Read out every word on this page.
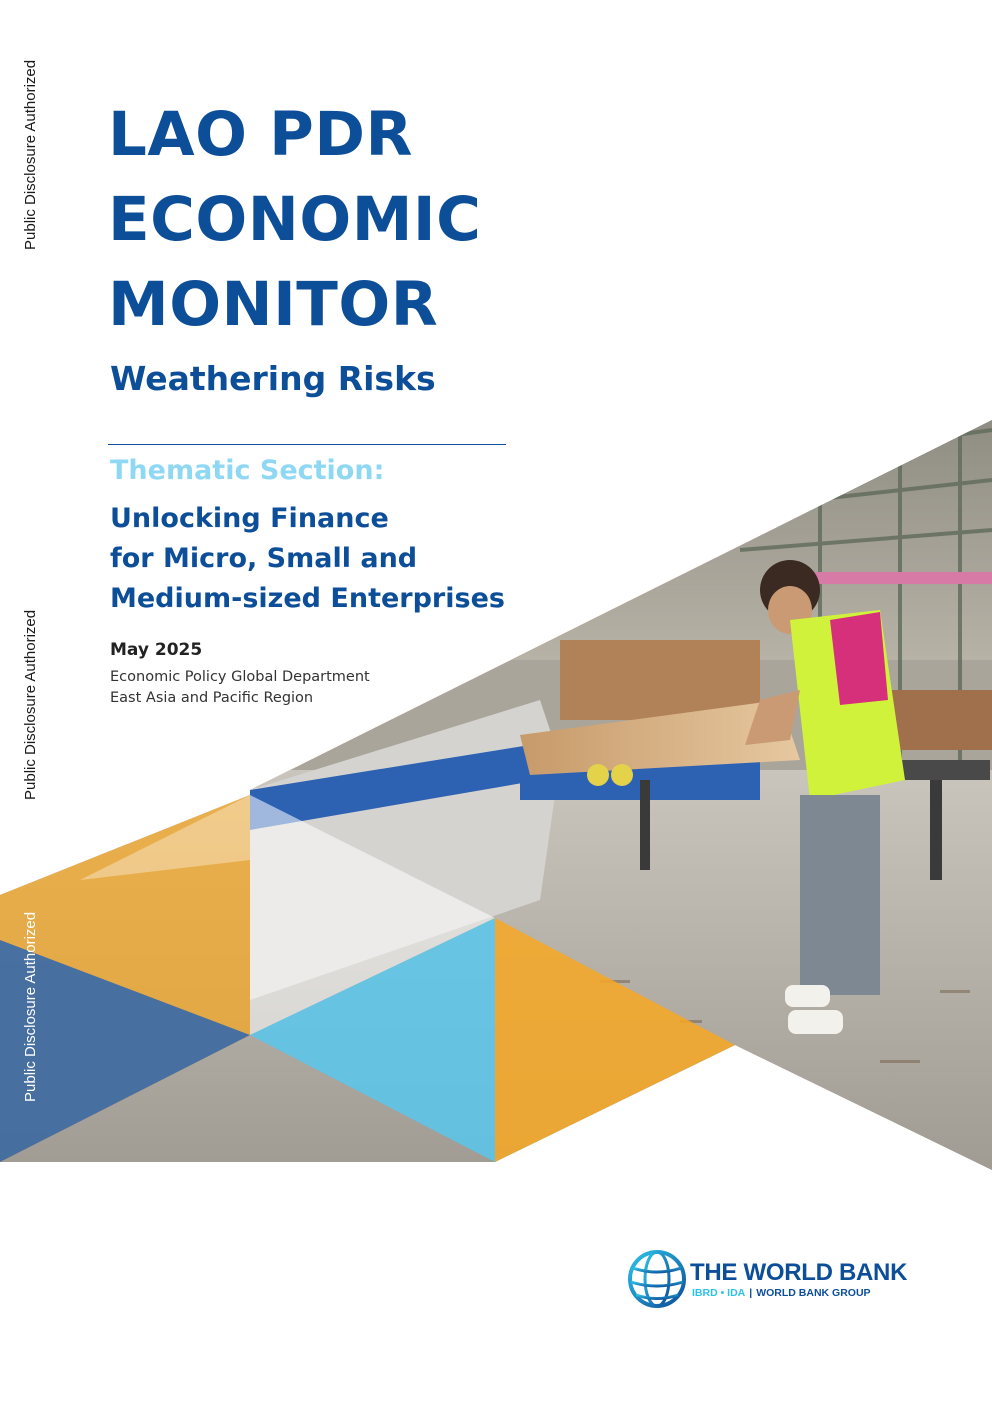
Public Disclosure Authorized
Public Disclosure Authorized
Public Disclosure Authorized
LAO PDR
ECONOMIC
MONITOR
Weathering Risks
Thematic Section:
Unlocking Finance
for Micro, Small and
Medium-sized Enterprises
May 2025
Economic Policy Global Department
East Asia and Pacific Region
THE WORLD BANK
IBRD • IDA | WORLD BANK GROUP
